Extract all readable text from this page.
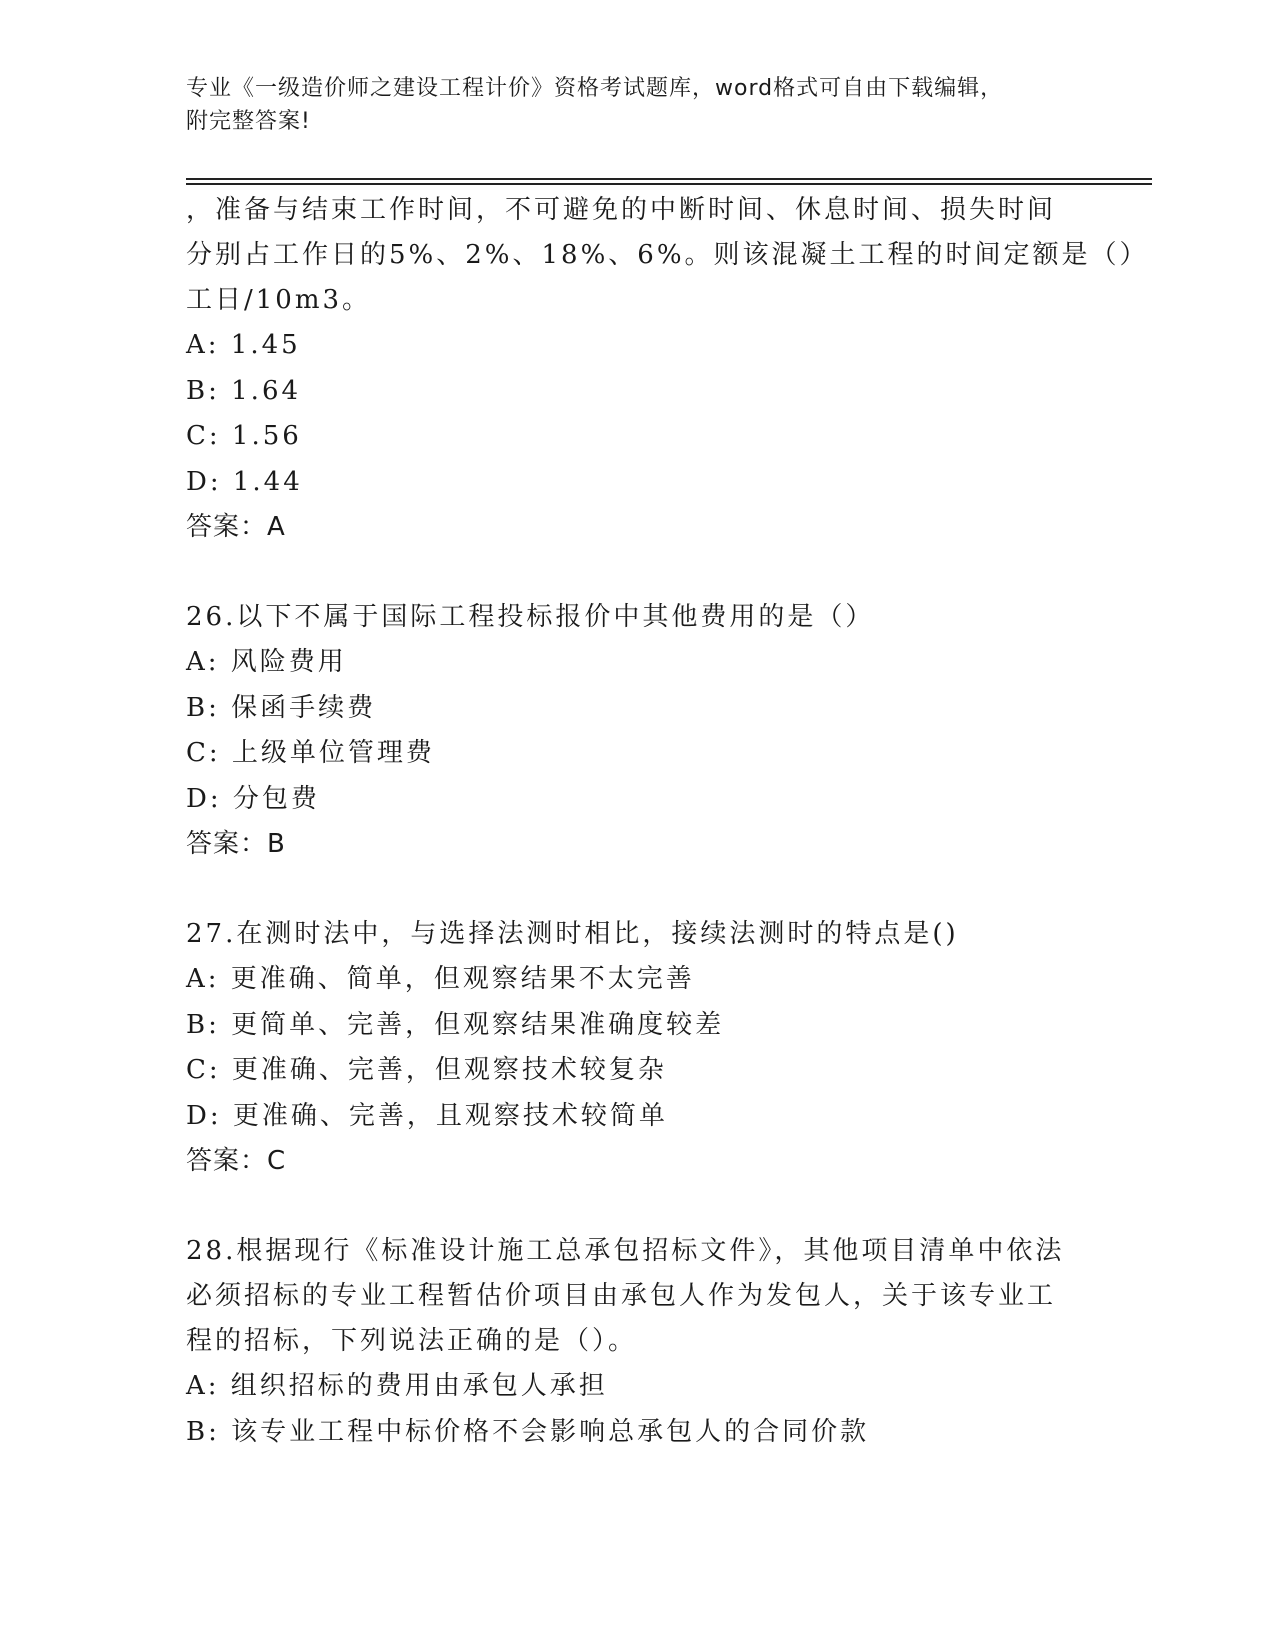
专业《一级造价师之建设工程计价》资格考试题库，word格式可自由下载编辑，
附完整答案!
，准备与结束工作时间，不可避免的中断时间、休息时间、损失时间
分别占工作日的5%、2%、18%、6%。则该混凝土工程的时间定额是（）
工日/10m3。
A: 1.45
B: 1.64
C: 1.56
D: 1.44
答案：A
26.以下不属于国际工程投标报价中其他费用的是（）
A: 风险费用
B: 保函手续费
C: 上级单位管理费
D: 分包费
答案：B
27.在测时法中，与选择法测时相比，接续法测时的特点是()
A: 更准确、简单，但观察结果不太完善
B: 更简单、完善，但观察结果准确度较差
C: 更准确、完善，但观察技术较复杂
D: 更准确、完善，且观察技术较简单
答案：C
28.根据现行《标准设计施工总承包招标文件》，其他项目清单中依法
必须招标的专业工程暂估价项目由承包人作为发包人，关于该专业工
程的招标，下列说法正确的是（）。
A: 组织招标的费用由承包人承担
B: 该专业工程中标价格不会影响总承包人的合同价款
